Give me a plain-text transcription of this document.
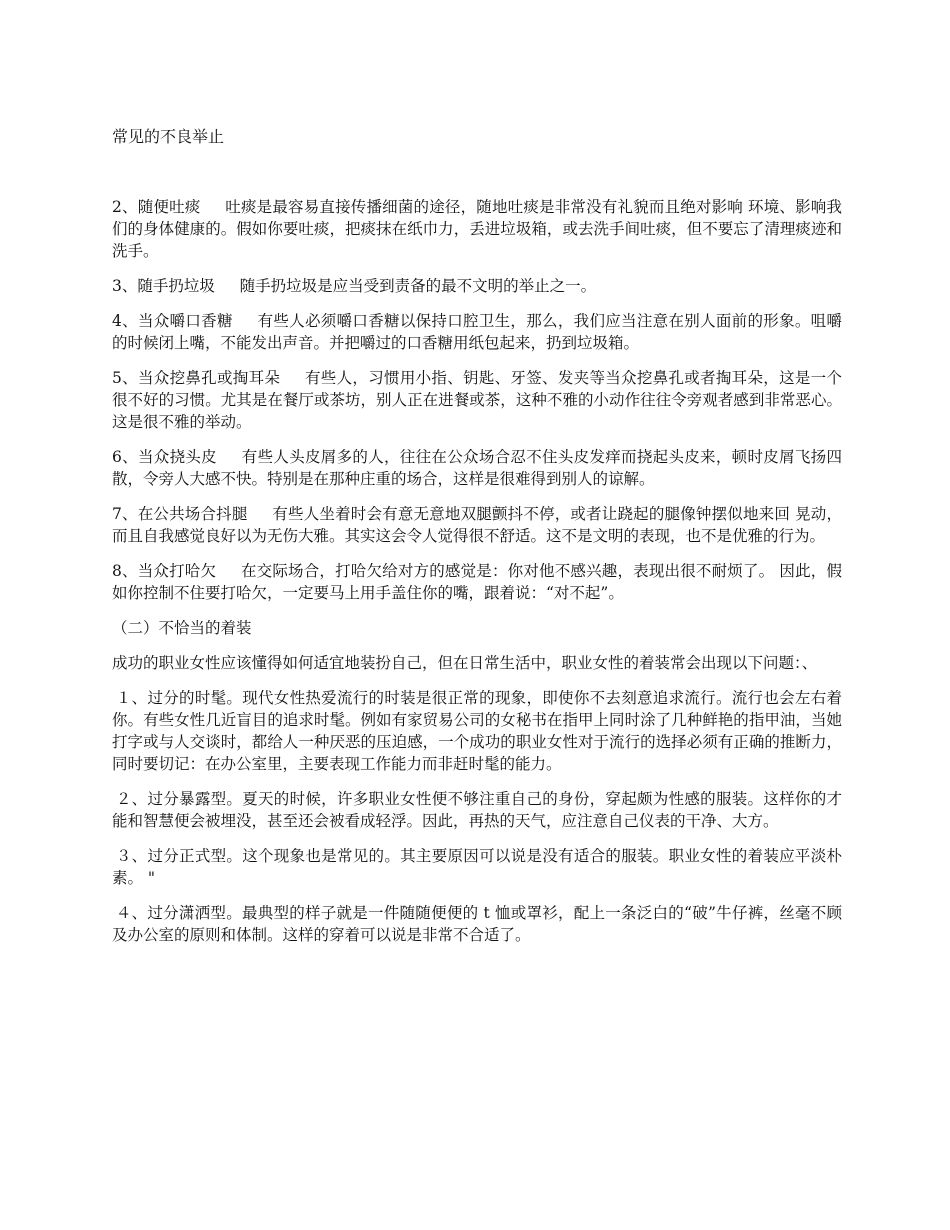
常见的不良举止

2、随便吐痰 吐痰是最容易直接传播细菌的途径，随地吐痰是非常没有礼貌而且绝对影响 环境、影响我们的身体健康的。假如你要吐痰，把痰抹在纸巾力，丢进垃圾箱，或去洗手间吐痰，但不要忘了清理痰迹和洗手。

3、随手扔垃圾 随手扔垃圾是应当受到责备的最不文明的举止之一。

4、当众嚼口香糖 有些人必须嚼口香糖以保持口腔卫生，那么，我们应当注意在别人面前的形象。咀嚼的时候闭上嘴，不能发出声音。并把嚼过的口香糖用纸包起来，扔到垃圾箱。

5、当众挖鼻孔或掏耳朵 有些人，习惯用小指、钥匙、牙签、发夹等当众挖鼻孔或者掏耳朵，这是一个很不好的习惯。尤其是在餐厅或茶坊，别人正在进餐或茶，这种不雅的小动作往往令旁观者感到非常恶心。这是很不雅的举动。

6、当众挠头皮 有些人头皮屑多的人，往往在公众场合忍不住头皮发痒而挠起头皮来，顿时皮屑飞扬四散，令旁人大感不快。特别是在那种庄重的场合，这样是很难得到别人的谅解。

7、在公共场合抖腿 有些人坐着时会有意无意地双腿颤抖不停，或者让跷起的腿像钟摆似地来回 晃动，而且自我感觉良好以为无伤大雅。其实这会令人觉得很不舒适。这不是文明的表现，也不是优雅的行为。

8、当众打哈欠 在交际场合，打哈欠给对方的感觉是：你对他不感兴趣，表现出很不耐烦了。 因此，假如你控制不住要打哈欠，一定要马上用手盖住你的嘴，跟着说：“对不起”。

（二）不恰当的着装

成功的职业女性应该懂得如何适宜地装扮自己，但在日常生活中，职业女性的着装常会出现以下问题：、

１、过分的时髦。现代女性热爱流行的时装是很正常的现象，即使你不去刻意追求流行。流行也会左右着你。有些女性几近盲目的追求时髦。例如有家贸易公司的女秘书在指甲上同时涂了几种鲜艳的指甲油，当她打字或与人交谈时，都给人一种厌恶的压迫感，一个成功的职业女性对于流行的选择必须有正确的推断力，同时要切记：在办公室里，主要表现工作能力而非赶时髦的能力。

２、过分暴露型。夏天的时候，许多职业女性便不够注重自己的身份，穿起颇为性感的服装。这样你的才能和智慧便会被埋没，甚至还会被看成轻浮。因此，再热的天气，应注意自己仪表的干净、大方。

３、过分正式型。这个现象也是常见的。其主要原因可以说是没有适合的服装。职业女性的着装应平淡朴素。 "

４、过分潇洒型。最典型的样子就是一件随随便便的 t 恤或罩衫，配上一条泛白的“破”牛仔裤，丝毫不顾及办公室的原则和体制。这样的穿着可以说是非常不合适了。
